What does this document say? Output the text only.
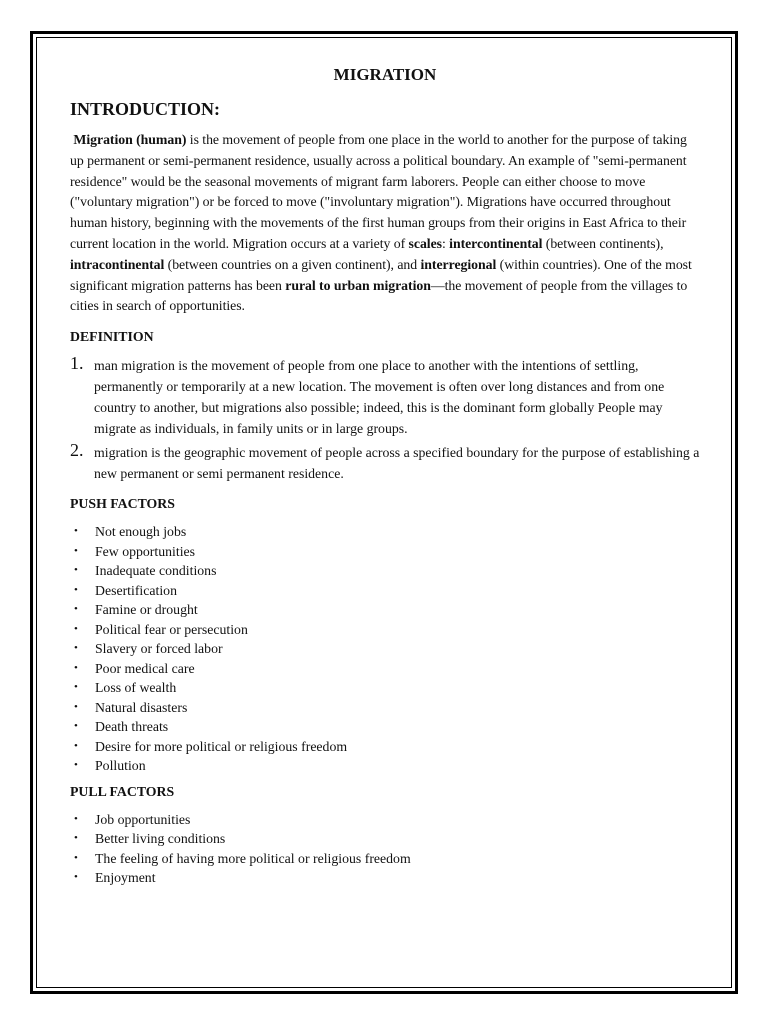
MIGRATION
INTRODUCTION:

Migration (human) is the movement of people from one place in the world to another for the purpose of taking up permanent or semi-permanent residence, usually across a political boundary. An example of "semi-permanent residence" would be the seasonal movements of migrant farm laborers. People can either choose to move ("voluntary migration") or be forced to move ("involuntary migration"). Migrations have occurred throughout human history, beginning with the movements of the first human groups from their origins in East Africa to their current location in the world. Migration occurs at a variety of scales: intercontinental (between continents), intracontinental (between countries on a given continent), and interregional (within countries). One of the most significant migration patterns has been rural to urban migration—the movement of people from the villages to cities in search of opportunities.

DEFINITION
1. man migration is the movement of people from one place to another with the intentions of settling, permanently or temporarily at a new location. The movement is often over long distances and from one country to another, but migrations also possible; indeed, this is the dominant form globally People may migrate as individuals, in family units or in large groups.
2. migration is the geographic movement of people across a specified boundary for the purpose of establishing a new permanent or semi permanent residence.
PUSH FACTORS
• Not enough jobs
• Few opportunities
• Inadequate conditions
• Desertification
• Famine or drought
• Political fear or persecution
• Slavery or forced labor
• Poor medical care
• Loss of wealth
• Natural disasters
• Death threats
• Desire for more political or religious freedom
• Pollution
PULL FACTORS
• Job opportunities
• Better living conditions
• The feeling of having more political or religious freedom
• Enjoyment
